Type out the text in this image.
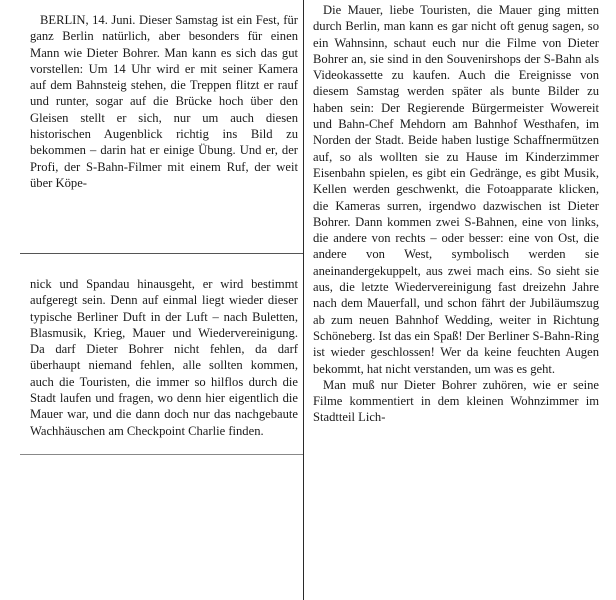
BERLIN, 14. Juni. Dieser Samstag ist ein Fest, für ganz Berlin natürlich, aber besonders für einen Mann wie Dieter Bohrer. Man kann es sich das gut vorstellen: Um 14 Uhr wird er mit seiner Kamera auf dem Bahnsteig stehen, die Treppen flitzt er rauf und runter, sogar auf die Brücke hoch über den Gleisen stellt er sich, nur um auch diesen historischen Augenblick richtig ins Bild zu bekommen – darin hat er einige Übung. Und er, der Profi, der S-Bahn-Filmer mit einem Ruf, der weit über Köpe-

nick und Spandau hinausgeht, er wird bestimmt aufgeregt sein. Denn auf einmal liegt wieder dieser typische Berliner Duft in der Luft – nach Buletten, Blasmusik, Krieg, Mauer und Wiedervereinigung. Da darf Dieter Bohrer nicht fehlen, da darf überhaupt niemand fehlen, alle sollten kommen, auch die Touristen, die immer so hilflos durch die Stadt laufen und fragen, wo denn hier eigentlich die Mauer war, und die dann doch nur das nachgebaute Wachhäuschen am Checkpoint Charlie finden.

Die Mauer, liebe Touristen, die Mauer ging mitten durch Berlin, man kann es gar nicht oft genug sagen, so ein Wahnsinn, schaut euch nur die Filme von Dieter Bohrer an, sie sind in den Souvenirshops der S-Bahn als Videokassette zu kaufen. Auch die Ereignisse von diesem Samstag werden später als bunte Bilder zu haben sein: Der Regierende Bürgermeister Wowereit und Bahn-Chef Mehdorn am Bahnhof Westhafen, im Norden der Stadt. Beide haben lustige Schaffnermützen auf, so als wollten sie zu Hause im Kinderzimmer Eisenbahn spielen, es gibt ein Gedränge, es gibt Musik, Kellen werden geschwenkt, die Fotoapparate klicken, die Kameras surren, irgendwo dazwischen ist Dieter Bohrer. Dann kommen zwei S-Bahnen, eine von links, die andere von rechts – oder besser: eine von Ost, die andere von West, symbolisch werden sie aneinandergekuppelt, aus zwei mach eins. So sieht sie aus, die letzte Wiedervereinigung fast dreizehn Jahre nach dem Mauerfall, und schon fährt der Jubiläumszug ab zum neuen Bahnhof Wedding, weiter in Richtung Schöneberg. Ist das ein Spaß! Der Berliner S-Bahn-Ring ist wieder geschlossen! Wer da keine feuchten Augen bekommt, hat nicht verstanden, um was es geht.

Man muß nur Dieter Bohrer zuhören, wie er seine Filme kommentiert in dem kleinen Wohnzimmer im Stadtteil Lich-
